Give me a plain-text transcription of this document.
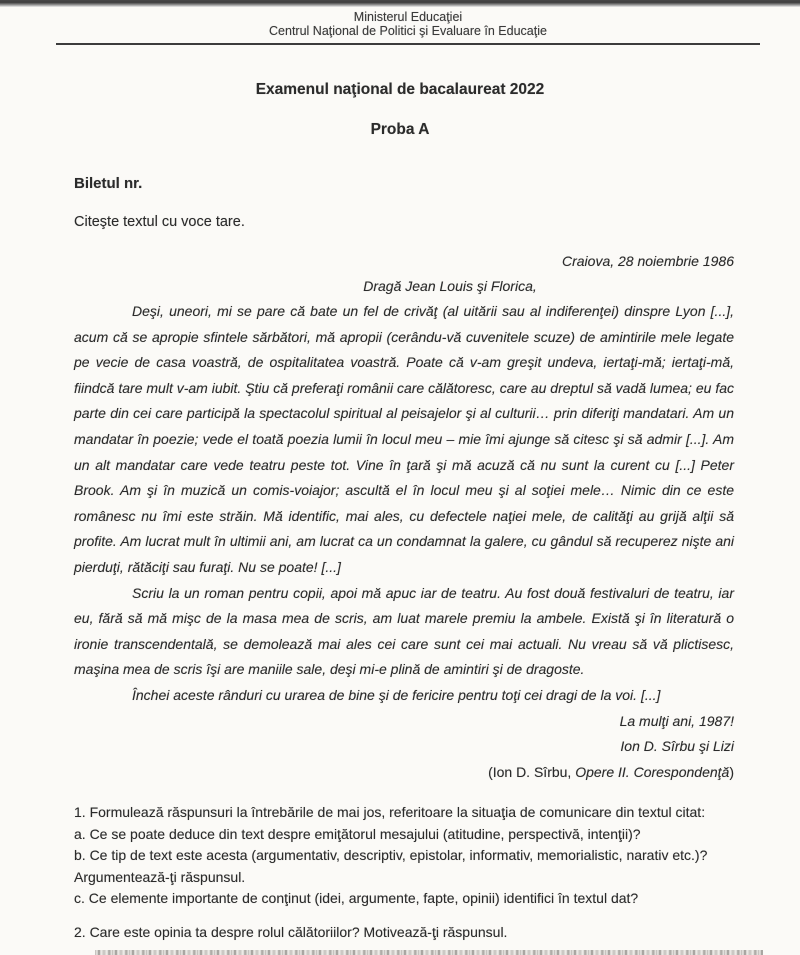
Ministerul Educaţiei
Centrul Naţional de Politici şi Evaluare în Educaţie
Examenul naţional de bacalaureat 2022
Proba A
Biletul nr.
Citeşte textul cu voce tare.
Craiova, 28 noiembrie 1986
Dragă Jean Louis şi Florica,

Deşi, uneori, mi se pare că bate un fel de crivăţ (al uitării sau al indiferenţei) dinspre Lyon [...], acum că se apropie sfintele sărbători, mă apropii (cerându-vă cuvenitele scuze) de amintirile mele legate pe vecie de casa voastră, de ospitalitatea voastră. Poate că v-am greşit undeva, iertaţi-mă; iertaţi-mă, fiindcă tare mult v-am iubit. Ştiu că preferaţi românii care călătoresc, care au dreptul să vadă lumea; eu fac parte din cei care participă la spectacolul spiritual al peisajelor şi al culturii… prin diferiţi mandatari. Am un mandatar în poezie; vede el toată poezia lumii în locul meu – mie îmi ajunge să citesc şi să admir [...]. Am un alt mandatar care vede teatru peste tot. Vine în ţară şi mă acuză că nu sunt la curent cu [...] Peter Brook. Am şi în muzică un comis-voiajor; ascultă el în locul meu şi al soţiei mele… Nimic din ce este românesc nu îmi este străin. Mă identific, mai ales, cu defectele naţiei mele, de calităţi au grijă alţii să profite. Am lucrat mult în ultimii ani, am lucrat ca un condamnat la galere, cu gândul să recuperez nişte ani pierduţi, rătăciţi sau furaţi. Nu se poate! [...]

Scriu la un roman pentru copii, apoi mă apuc iar de teatru. Au fost două festivaluri de teatru, iar eu, fără să mă mişc de la masa mea de scris, am luat marele premiu la ambele. Există şi în literatură o ironie transcendentală, se demolează mai ales cei care sunt cei mai actuali. Nu vreau să vă plictisesc, maşina mea de scris îşi are maniile sale, deşi mi-e plină de amintiri şi de dragoste.

Închei aceste rânduri cu urarea de bine şi de fericire pentru toţi cei dragi de la voi. [...]

La mulţi ani, 1987!
Ion D. Sîrbu şi Lizi
(Ion D. Sîrbu, Opere II. Corespondenţă)
1. Formulează răspunsuri la întrebările de mai jos, referitoare la situaţia de comunicare din textul citat:
a. Ce se poate deduce din text despre emiţătorul mesajului (atitudine, perspectivă, intenţii)?
b. Ce tip de text este acesta (argumentativ, descriptiv, epistolar, informativ, memorialistic, narativ etc.)? Argumentează-ţi răspunsul.
c. Ce elemente importante de conţinut (idei, argumente, fapte, opinii) identifici în textul dat?
2. Care este opinia ta despre rolul călătoriilor? Motivează-ţi răspunsul.
